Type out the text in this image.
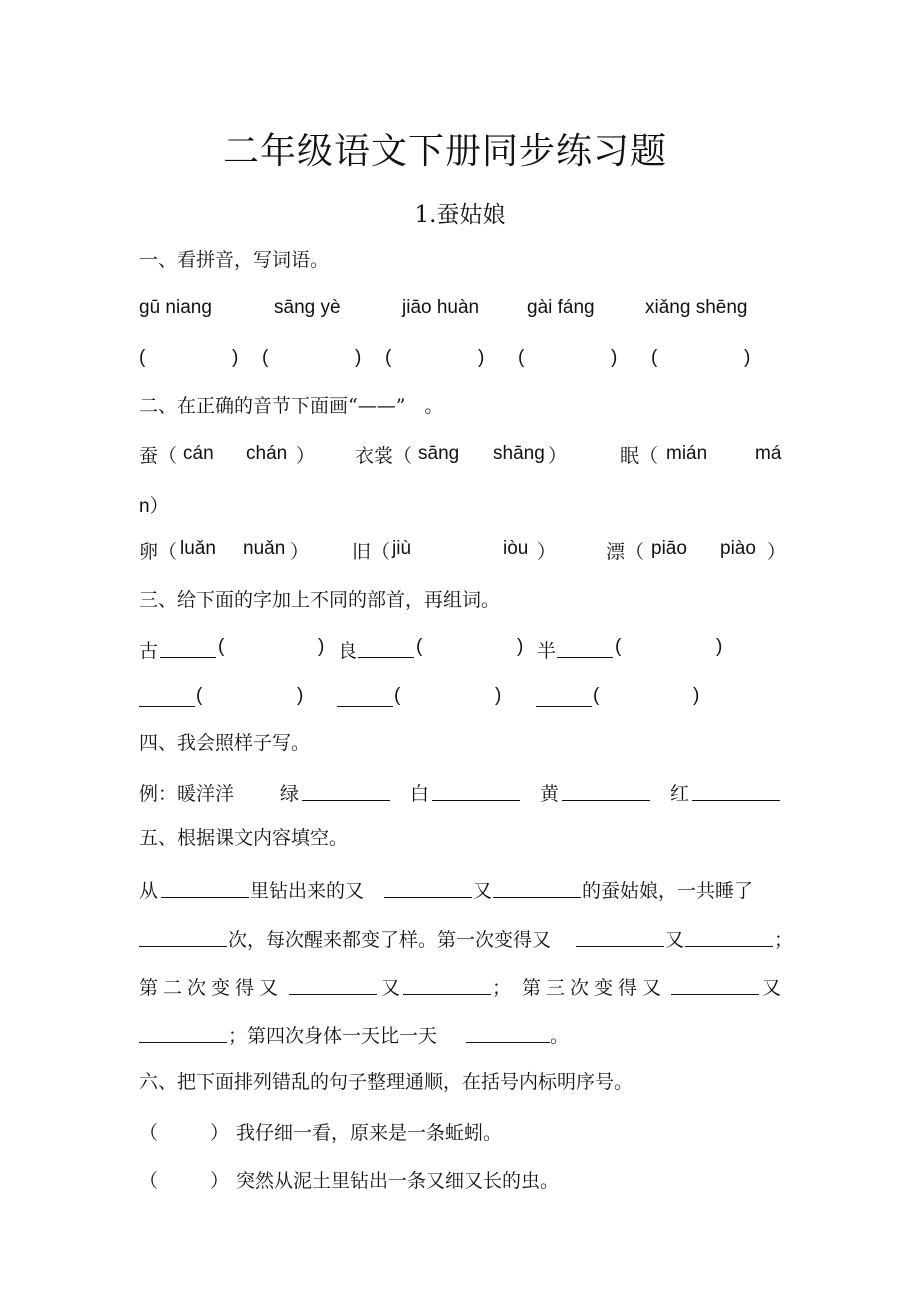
二年级语文下册同步练习题
1.蚕姑娘
一、看拼音，写词语。
gū niang	sāng yè	jiāo huàn	gài fáng	xiǎng shēng
(	) (	) (	) (	) (	)
二、在正确的音节下面画“——”　。
蚕（ cán chán ） 衣裳（ sāng shāng ）	眠（ mián	má
n）
卵（ luǎn nuǎn ） 旧（ jiù	iòu ）	漂（ piāo piào ）
三、给下面的字加上不同的部首，再组词。
古	(	) 良	(	) 半	(	)
(	)	(	)	(	)
四、我会照样子写。
例：暖洋洋 绿	白	黄	红
五、根据课文内容填空。
从	里钻出来的又	又	的蚕姑娘，一共睡了
次，每次醒来都变了样。第一次变得又	又	；
第二次变得又	又	； 第三次变得又	又
；第四次身体一天比一天	。
六、把下面排列错乱的句子整理通顺，在括号内标明序号。
（	） 我仔细一看，原来是一条蚯蚓。
（	） 突然从泥土里钻出一条又细又长的虫。
